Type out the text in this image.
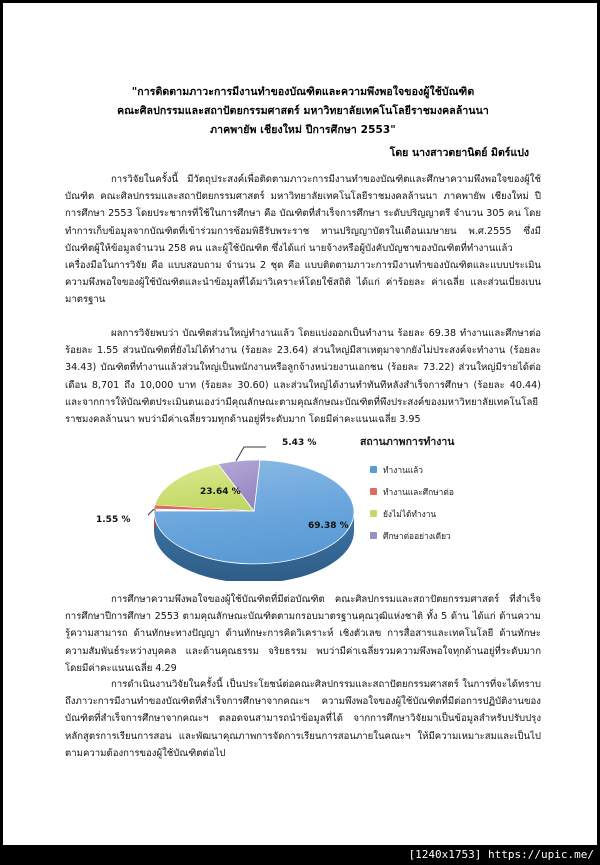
"การติดตามภาวะการมีงานทำของบัณฑิตและความพึงพอใจของผู้ใช้บัณฑิต
คณะศิลปกรรมและสถาปัตยกรรมศาสตร์ มหาวิทยาลัยเทคโนโลยีราชมงคลล้านนา
ภาคพายัพ เชียงใหม่ ปีการศึกษา 2553"
โดย นางสาวตยานิตย์ มิตร์แปง
การวิจัยในครั้งนี้ มีวัตถุประสงค์เพื่อติดตามภาวะการมีงานทำของบัณฑิตและศึกษาความพึงพอใจของผู้ใช้บัณฑิต คณะศิลปกรรมและสถาปัตยกรรมศาสตร์ มหาวิทยาลัยเทคโนโลยีราชมงคลล้านนา ภาคพายัพ เชียงใหม่ ปีการศึกษา 2553 โดยประชากรที่ใช้ในการศึกษา คือ บัณฑิตที่สำเร็จการศึกษา ระดับปริญญาตรี จำนวน 305 คน โดยทำการเก็บข้อมูลจากบัณฑิตที่เข้าร่วมการซ้อมพิธีรับพระราช ทานปริญญาบัตรในเดือนเมษายน พ.ศ.2555 ซึ่งมีบัณฑิตผู้ให้ข้อมูลจำนวน 258 คน และผู้ใช้บัณฑิต ซึ่งได้แก่ นายจ้างหรือผู้บังคับบัญชาของบัณฑิตที่ทำงานแล้ว
เครื่องมือในการวิจัย คือ แบบสอบถาม จำนวน 2 ชุด คือ แบบติดตามภาวะการมีงานทำของบัณฑิตและแบบประเมินความพึงพอใจของผู้ใช้บัณฑิตและนำข้อมูลที่ได้มาวิเคราะห์โดยใช้สถิติ ได้แก่ ค่าร้อยละ ค่าเฉลี่ย และส่วนเบี่ยงเบนมาตรฐาน
ผลการวิจัยพบว่า บัณฑิตส่วนใหญ่ทำงานแล้ว โดยแบ่งออกเป็นทำงาน ร้อยละ 69.38 ทำงานและศึกษาต่อ ร้อยละ 1.55 ส่วนบัณฑิตที่ยังไม่ได้ทำงาน (ร้อยละ 23.64) ส่วนใหญ่มีสาเหตุมาจากยังไม่ประสงค์จะทำงาน (ร้อยละ 34.43) บัณฑิตที่ทำงานแล้วส่วนใหญ่เป็นพนักงานหรือลูกจ้างหน่วยงานเอกชน (ร้อยละ 73.22) ส่วนใหญ่มีรายได้ต่อเดือน 8,701 ถึง 10,000 บาท (ร้อยละ 30.60) และส่วนใหญ่ได้งานทำทันทีหลังสำเร็จการศึกษา (ร้อยละ 40.44) และจากการให้บัณฑิตประเมินตนเองว่ามีคุณลักษณะตามคุณลักษณะบัณฑิตที่พึงประสงค์ของมหาวิทยาลัยเทคโนโลยีราชมงคลล้านนา พบว่ามีค่าเฉลี่ยรวมทุกด้านอยู่ที่ระดับมาก โดยมีค่าคะแนนเฉลี่ย 3.95
69.38 %
23.64 %
5.43 %
1.55 %
สถานภาพการทำงาน
ทำงานแล้ว
ทำงานและศึกษาต่อ
ยังไม่ได้ทำงาน
ศึกษาต่ออย่างเดียว
การศึกษาความพึงพอใจของผู้ใช้บัณฑิตที่มีต่อบัณฑิต คณะศิลปกรรมและสถาปัตยกรรมศาสตร์ ที่สำเร็จการศึกษาปีการศึกษา 2553 ตามคุณลักษณะบัณฑิตตามกรอบมาตรฐานคุณวุฒิแห่งชาติ ทั้ง 5 ด้าน ได้แก่ ด้านความรู้ความสามารถ ด้านทักษะทางปัญญา ด้านทักษะการคิดวิเคราะห์ เชิงตัวเลข การสื่อสารและเทคโนโลยี ด้านทักษะความสัมพันธ์ระหว่างบุคคล และด้านคุณธรรม จริยธรรม พบว่ามีค่าเฉลี่ยรวมความพึงพอใจทุกด้านอยู่ที่ระดับมาก โดยมีค่าคะแนนเฉลี่ย 4.29
การดำเนินงานวิจัยในครั้งนี้ เป็นประโยชน์ต่อคณะศิลปกรรมและสถาปัตยกรรมศาสตร์ ในการที่จะได้ทราบถึงภาวะการมีงานทำของบัณฑิตที่สำเร็จการศึกษาจากคณะฯ ความพึงพอใจของผู้ใช้บัณฑิตที่มีต่อการปฏิบัติงานของบัณฑิตที่สำเร็จการศึกษาจากคณะฯ ตลอดจนสามารถนำข้อมูลที่ได้ จากการศึกษาวิจัยมาเป็นข้อมูลสำหรับปรับปรุงหลักสูตรการเรียนการสอน และพัฒนาคุณภาพการจัดการเรียนการสอนภายในคณะฯ ให้มีความเหมาะสมและเป็นไปตามความต้องการของผู้ใช้บัณฑิตต่อไป
[1240x1753] https://upic.me/
